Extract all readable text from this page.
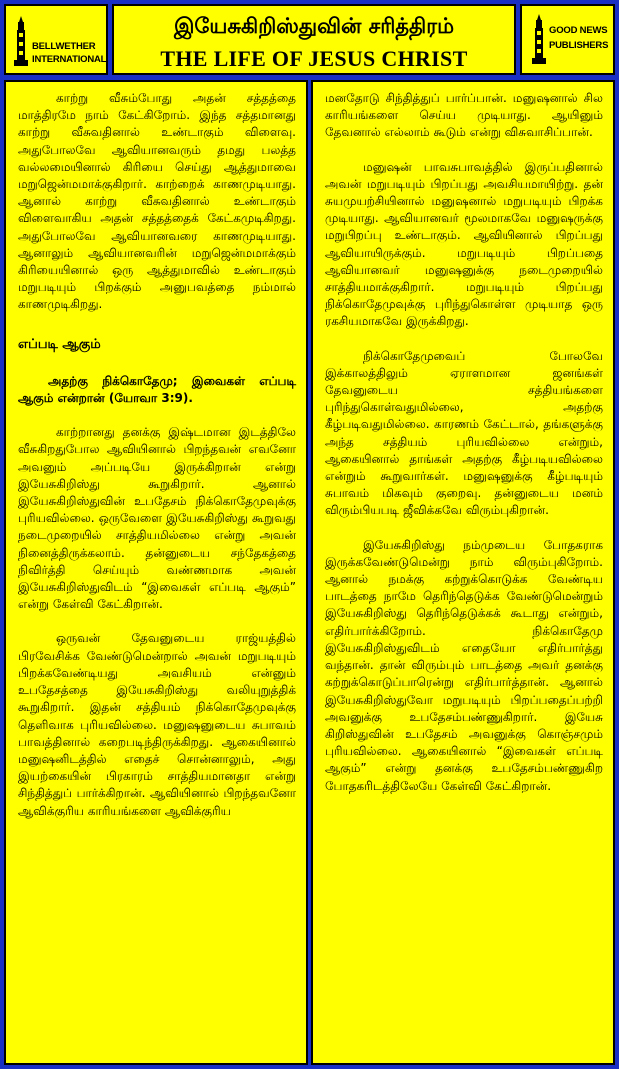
BELLWETHER
INTERNATIONAL
இயேசுகிறிஸ்துவின் சரித்திரம்
THE LIFE OF JESUS CHRIST
GOOD NEWS
PUBLISHERS

காற்று வீசும்போது அதன் சத்தத்தை மாத்திரமே நாம் கேட்கிறோம். இந்த சத்தமானது காற்று வீசுவதினால் உண்டாகும் விளைவு. அதுபோலவே ஆவியானவரும் தமது பலத்த வல்லமையினால் கிரியை செய்து ஆத்துமாவை மறுஜென்மமாக்குகிறார். காற்றைக் காணமுடியாது. ஆனால் காற்று வீசுவதினால் உண்டாகும் விளைவாகிய அதன் சத்தத்தைக் கேட்கமுடிகிறது. அதுபோலவே ஆவியானவரை காணமுடியாது. ஆனாலும் ஆவியானவரின் மறுஜென்மமாக்கும் கிரியையினால் ஒரு ஆத்துமாவில் உண்டாகும் மறுபடியும் பிறக்கும் அனுபவத்தை நம்மால் காணமுடிகிறது.

எப்படி ஆகும்
அதற்கு நிக்கொதேமு; இவைகள் எப்படி ஆகும் என்றான் (யோவா 3:9).

காற்றானது தனக்கு இஷ்டமான இடத்திலே வீசுகிறதுபோல ஆவியினால் பிறந்தவன் எவனோ அவனும் அப்படியே இருக்கிறான் என்று இயேசுகிறிஸ்து கூறுகிறார். ஆனால் இயேசுகிறிஸ்துவின் உபதேசம் நிக்கொதேமுவுக்கு புரியவில்லை. ஒருவேளை இயேசுகிறிஸ்து கூறுவது நடைமுறையில் சாத்தியமில்லை என்று அவன் நினைத்திருக்கலாம். தன்னுடைய சந்தேகத்தை நிவிர்த்தி செய்யும் வண்ணமாக அவன் இயேசுகிறிஸ்துவிடம் “இவைகள் எப்படி ஆகும்” என்று கேள்வி கேட்கிறான்.

ஒருவன் தேவனுடைய ராஜ்யத்தில் பிரவேசிக்க வேண்டுமென்றால் அவன் மறுபடியும் பிறக்கவேண்டியது அவசியம் என்னும் உபதேசத்தை இயேசுகிறிஸ்து வலியுறுத்திக் கூறுகிறார். இதன் சத்தியம் நிக்கொதேமுவுக்கு தெளிவாக புரியவில்லை. மனுஷனுடைய சுபாவம் பாவத்தினால் கறைபடிந்திருக்கிறது. ஆகையினால் மனுஷனிடத்தில் எதைச் சொன்னாலும், அது இயற்கையின் பிரகாரம் சாத்தியமானதா என்று சிந்தித்துப் பார்க்கிறான். ஆவியினால் பிறந்தவனோ ஆவிக்குரிய காரியங்களை ஆவிக்குரிய

மனதோடு சிந்தித்துப் பார்ப்பான். மனுஷனால் சில காரியங்களை செய்ய முடியாது. ஆயினும் தேவனால் எல்லாம் கூடும் என்று விசுவாசிப்பான்.

மனுஷன் பாவசுபாவத்தில் இருப்பதினால் அவன் மறுபடியும் பிறப்பது அவசியமாயிற்று. தன் சுயமுயற்சியினால் மனுஷனால் மறுபடியும் பிறக்க முடியாது. ஆவியானவர் மூலமாகவே மனுஷருக்கு மறுபிறப்பு உண்டாகும். ஆவியினால் பிறப்பது ஆவியாயிருக்கும். மறுபடியும் பிறப்பதை ஆவியானவர் மனுஷனுக்கு நடைமுறையில் சாத்தியமாக்குகிறார். மறுபடியும் பிறப்பது நிக்கொதேமுவுக்கு புரிந்துகொள்ள முடியாத ஒரு ரகசியமாகவே இருக்கிறது.

நிக்கொதேமுவைப் போலவே இக்காலத்திலும் ஏராளமான ஜனங்கள் தேவனுடைய சத்தியங்களை புரிந்துகொள்வதுமில்லை, அதற்கு கீழ்படிவதுமில்லை. காரணம் கேட்டால், தங்களுக்கு அந்த சத்தியம் புரியவில்லை என்றும், ஆகையினால் தாங்கள் அதற்கு கீழ்படியவில்லை என்றும் கூறுவார்கள். மனுஷனுக்கு கீழ்படியும் சுபாவம் மிகவும் குறைவு. தன்னுடைய மனம் விரும்பியபடி ஜீவிக்கவே விரும்புகிறான்.

இயேசுகிறிஸ்து நம்முடைய போதகராக இருக்கவேண்டுமென்று நாம் விரும்புகிறோம். ஆனால் நமக்கு கற்றுக்கொடுக்க வேண்டிய பாடத்தை நாமே தெரிந்தெடுக்க வேண்டுமென்றும் இயேசுகிறிஸ்து தெரிந்தெடுக்கக் கூடாது என்றும், எதிர்பார்க்கிறோம். நிக்கொதேமு இயேசுகிறிஸ்துவிடம் எதையோ எதிர்பார்த்து வந்தான். தான் விரும்பும் பாடத்தை அவர் தனக்கு கற்றுக்கொடுப்பாரென்று எதிர்பார்த்தான். ஆனால் இயேசுகிறிஸ்துவோ மறுபடியும் பிறப்பதைப்பற்றி அவனுக்கு உபதேசம்பண்ணுகிறார். இயேசு கிறிஸ்துவின் உபதேசம் அவனுக்கு கொஞ்சமும் புரியவில்லை. ஆகையினால் “இவைகள் எப்படி ஆகும்” என்று தனக்கு உபதேசம்பண்ணுகிற போதகரிடத்திலேயே கேள்வி கேட்கிறான்.
